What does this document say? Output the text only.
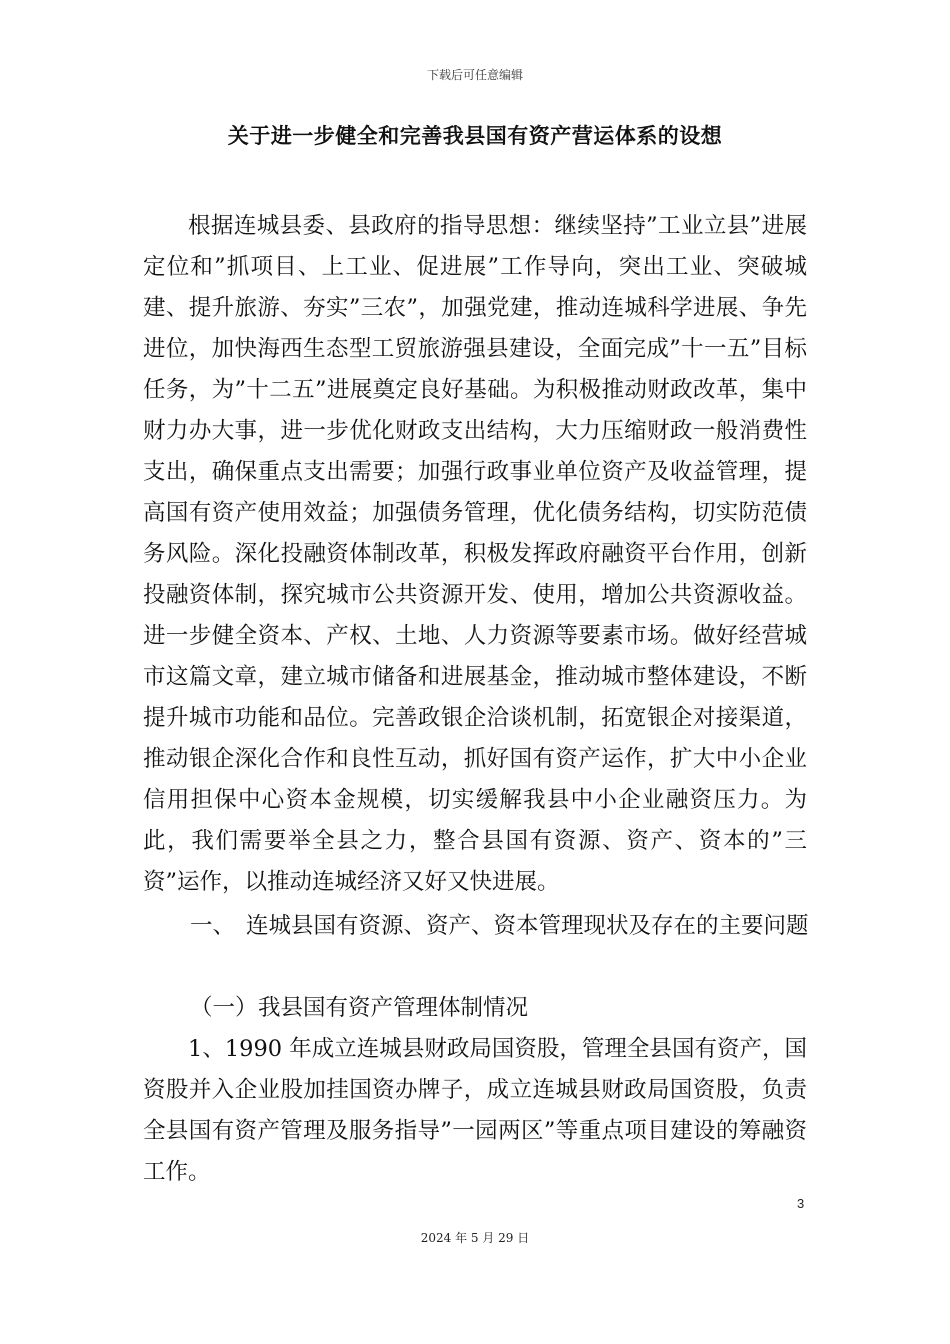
下载后可任意编辑
关于进一步健全和完善我县国有资产营运体系的设想
根据连城县委、县政府的指导思想：继续坚持”工业立县”进展定位和”抓项目、上工业、促进展”工作导向，突出工业、突破城建、提升旅游、夯实”三农”，加强党建，推动连城科学进展、争先进位，加快海西生态型工贸旅游强县建设，全面完成”十一五”目标任务，为”十二五”进展奠定良好基础。为积极推动财政改革，集中财力办大事，进一步优化财政支出结构，大力压缩财政一般消费性支出，确保重点支出需要；加强行政事业单位资产及收益管理，提高国有资产使用效益；加强债务管理，优化债务结构，切实防范债务风险。深化投融资体制改革，积极发挥政府融资平台作用，创新投融资体制，探究城市公共资源开发、使用，增加公共资源收益。进一步健全资本、产权、土地、人力资源等要素市场。做好经营城市这篇文章，建立城市储备和进展基金，推动城市整体建设，不断提升城市功能和品位。完善政银企洽谈机制，拓宽银企对接渠道，推动银企深化合作和良性互动，抓好国有资产运作，扩大中小企业信用担保中心资本金规模，切实缓解我县中小企业融资压力。为此，我们需要举全县之力，整合县国有资源、资产、资本的”三资”运作，以推动连城经济又好又快进展。
一、 连城县国有资源、资产、资本管理现状及存在的主要问题
（一） 我县国有资产管理体制情况
1、1990 年成立连城县财政局国资股，管理全县国有资产，国资股并入企业股加挂国资办牌子，成立连城县财政局国资股，负责全县国有资产管理及服务指导”一园两区”等重点项目建设的筹融资工作。
3
2024 年 5 月 29 日
